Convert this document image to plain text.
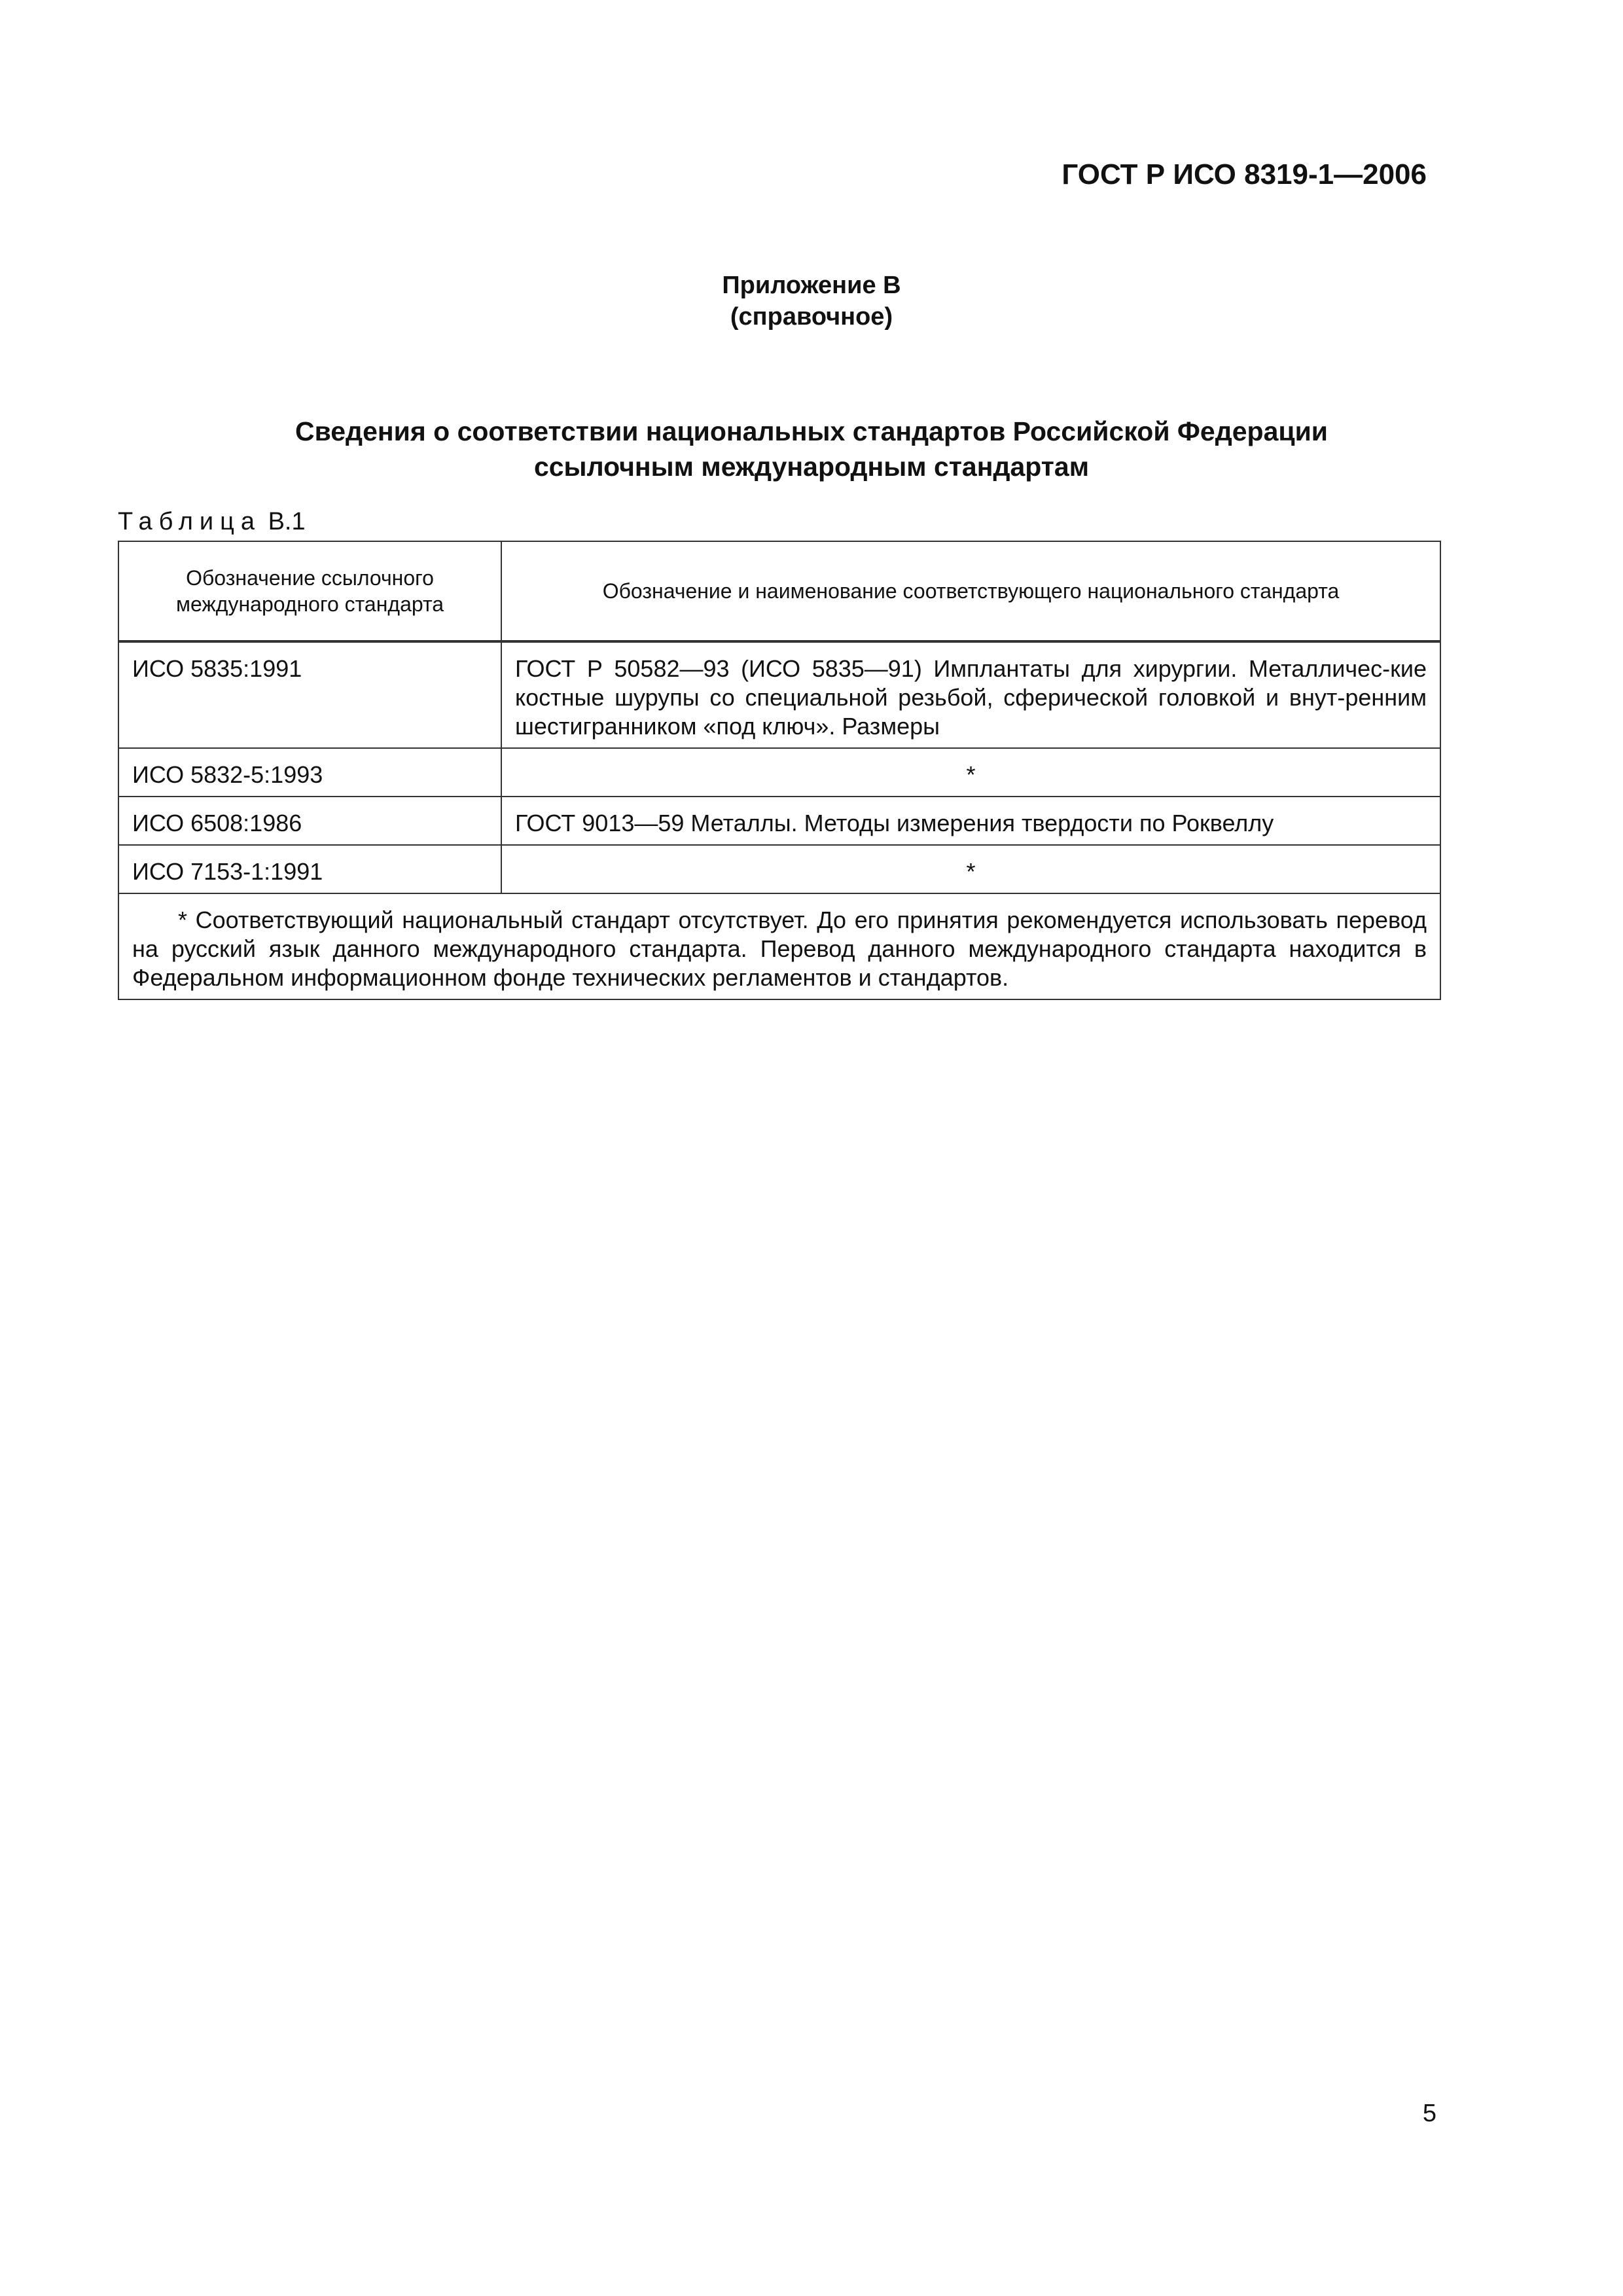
ГОСТ Р ИСО 8319-1—2006
Приложение В
(справочное)
Сведения о соответствии национальных стандартов Российской Федерации
ссылочным международным стандартам
Таблица В.1
Обозначение ссылочного международного стандарта	Обозначение и наименование соответствующего национального стандарта
ИСО 5835:1991	ГОСТ Р 50582—93 (ИСО 5835—91) Имплантаты для хирургии. Металличес-кие костные шурупы со специальной резьбой, сферической головкой и внут-ренним шестигранником «под ключ». Размеры
ИСО 5832-5:1993	*
ИСО 6508:1986	ГОСТ 9013—59 Металлы. Методы измерения твердости по Роквеллу
ИСО 7153-1:1991	*
* Соответствующий национальный стандарт отсутствует. До его принятия рекомендуется использовать перевод на русский язык данного международного стандарта. Перевод данного международного стандарта находится в Федеральном информационном фонде технических регламентов и стандартов.	
5
